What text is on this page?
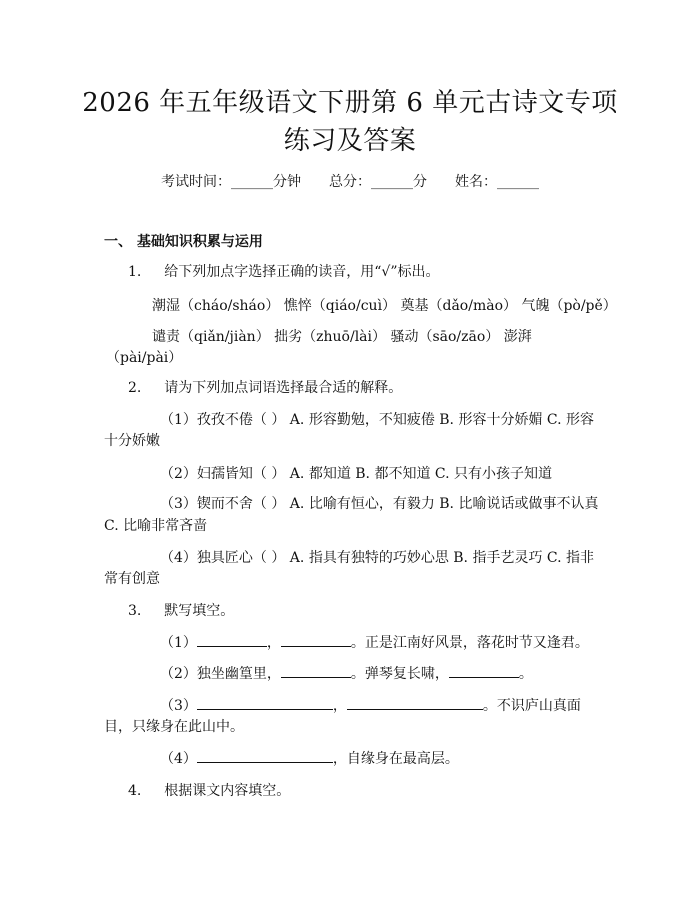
2026 年五年级语文下册第 6 单元古诗文专项
练习及答案
考试时间：______分钟 总分：______分 姓名：______
一、 基础知识积累与运用
1. 给下列加点字选择正确的读音，用“√”标出。
潮湿（cháo/sháo） 憔悴（qiáo/cuì） 奠基（dǎo/mào） 气魄（pò/pě）
谴责（qiǎn/jiàn） 拙劣（zhuō/lài） 骚动（sāo/zāo） 澎湃
（pài/pài）
2. 请为下列加点词语选择最合适的解释。
（1）孜孜不倦（ ） A. 形容勤勉，不知疲倦 B. 形容十分娇媚 C. 形容
十分娇嫩
（2）妇孺皆知（ ） A. 都知道 B. 都不知道 C. 只有小孩子知道
（3）锲而不舍（ ） A. 比喻有恒心，有毅力 B. 比喻说话或做事不认真
C. 比喻非常吝啬
（4）独具匠心（ ） A. 指具有独特的巧妙心思 B. 指手艺灵巧 C. 指非
常有创意
3. 默写填空。
（1）	，	。正是江南好风景，落花时节又逢君。
（2）独坐幽篁里，	。弹琴复长啸，	。
（3）	，	。不识庐山真面
目，只缘身在此山中。
（4）	，自缘身在最高层。
4. 根据课文内容填空。
